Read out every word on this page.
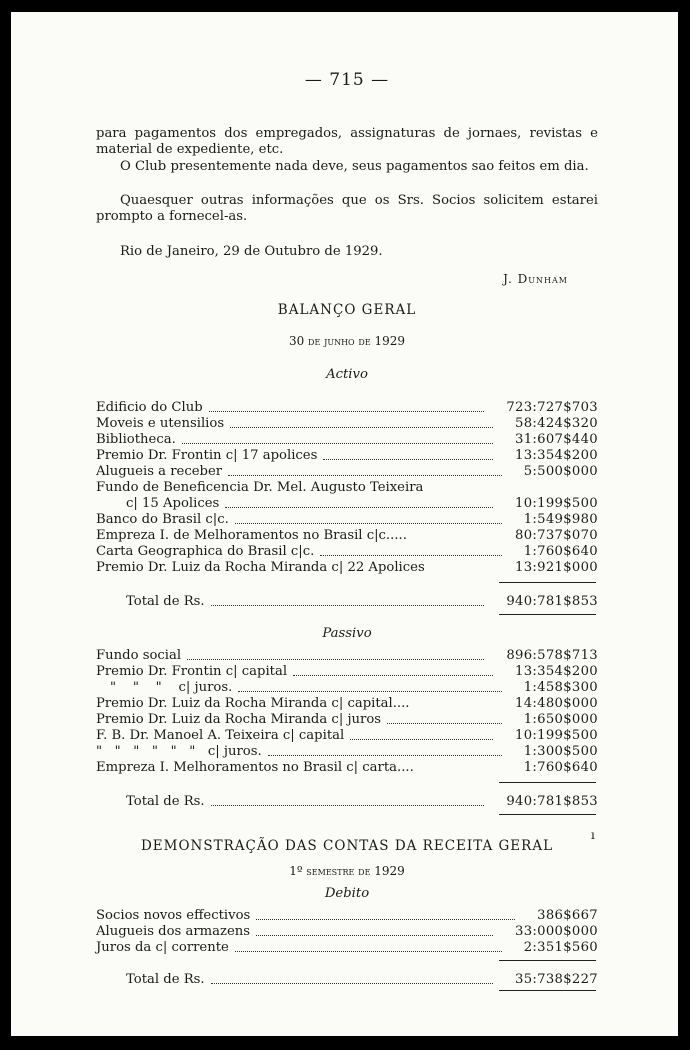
— 715 —
para pagamentos dos empregados, assignaturas de jornaes, revistas e material de expediente, etc.
O Club presentemente nada deve, seus pagamentos sao feitos em dia.
Quaesquer outras informações que os Srs. Socios solicitem estarei prompto a fornecel-as.
Rio de Janeiro, 29 de Outubro de 1929.
J. Dunham
BALANÇO GERAL
30 de junho de 1929
Activo
Edificio do Club	723:727$703
Moveis e utensilios	58:424$320
Bibliotheca.	31:607$440
Premio Dr. Frontin c| 17 apolices	13:354$200
Alugueis a receber	5:500$000
Fundo de Beneficencia Dr. Mel. Augusto Teixeira
c| 15 Apolices	10:199$500
Banco do Brasil c|c.	1:549$980
Empreza I. de Melhoramentos no Brasil c|c.....	80:737$070
Carta Geographica do Brasil c|c.	1:760$640
Premio Dr. Luiz da Rocha Miranda c| 22 Apolices	13:921$000
Total de Rs.	940:781$853
Passivo
Fundo social	896:578$713
Premio Dr. Frontin c| capital	13:354$200
"    "    "    c| juros.	1:458$300
Premio Dr. Luiz da Rocha Miranda c| capital....	14:480$000
Premio Dr. Luiz da Rocha Miranda c| juros	1:650$000
F. B. Dr. Manoel A. Teixeira c| capital	10:199$500
"   "   "   "   "   "   c| juros.	1:300$500
Empreza I. Melhoramentos no Brasil c| carta....	1:760$640
Total de Rs.	940:781$853
DEMONSTRAÇÃO DAS CONTAS DA RECEITA GERAL
ı
1º semestre de 1929
Debito
Socios novos effectivos	386$667
Alugueis dos armazens	33:000$000
Juros da c| corrente	2:351$560
Total de Rs.	35:738$227
